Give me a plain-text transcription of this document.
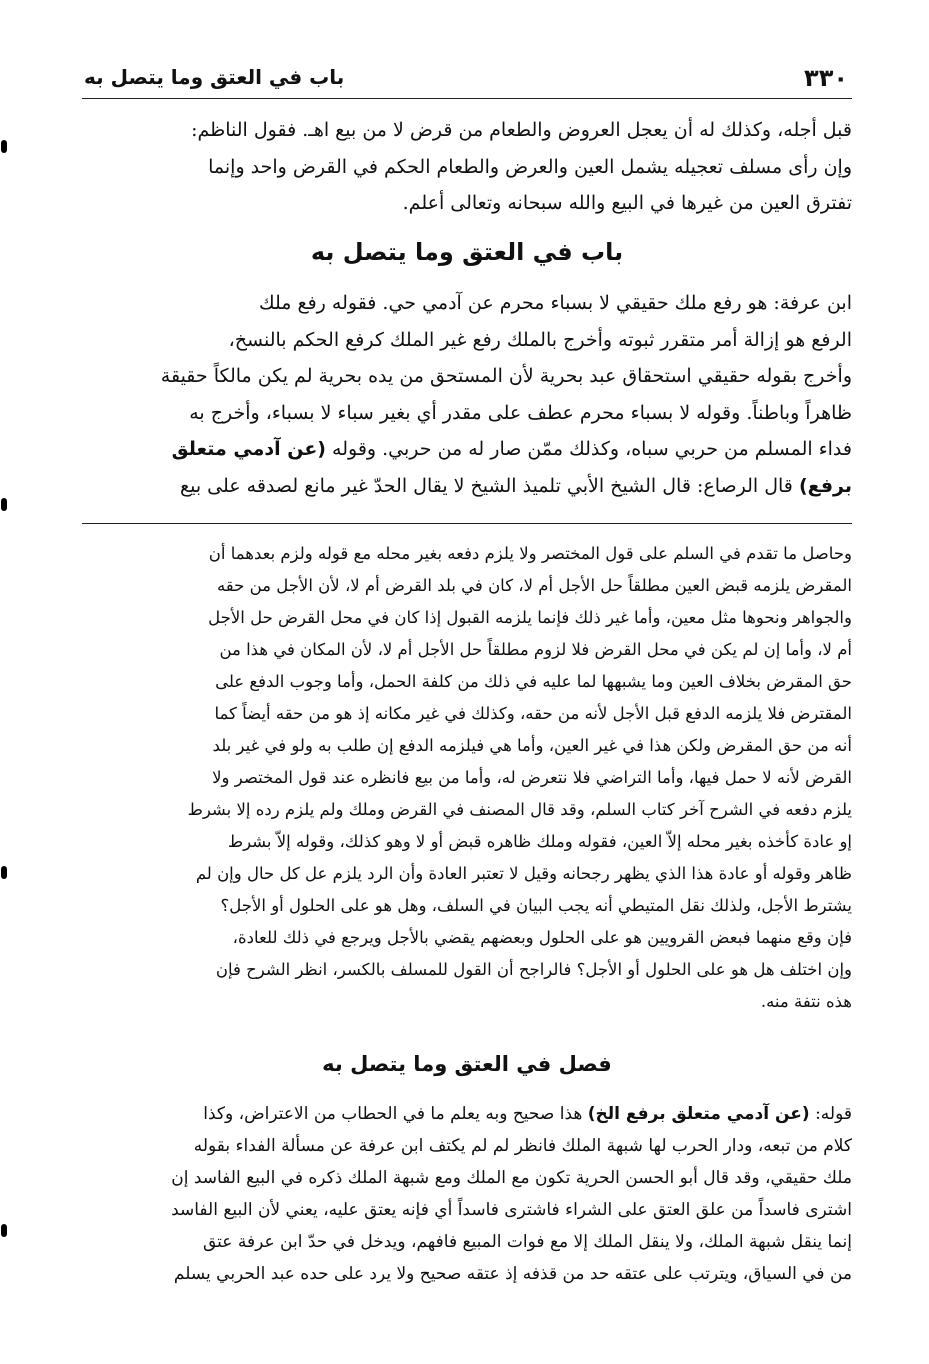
٣٣٠
باب في العتق وما يتصل به
قبل أجله، وكذلك له أن يعجل العروض والطعام من قرض لا من بيع اهـ. فقول الناظم:
وإن رأى مسلف تعجيله يشمل العين والعرض والطعام الحكم في القرض واحد وإنما
تفترق العين من غيرها في البيع والله سبحانه وتعالى أعلم.
باب في العتق وما يتصل به
ابن عرفة: هو رفع ملك حقيقي لا بسباء محرم عن آدمي حي. فقوله رفع ملك
الرفع هو إزالة أمر متقرر ثبوته وأخرج بالملك رفع غير الملك كرفع الحكم بالنسخ،
وأخرج بقوله حقيقي استحقاق عبد بحرية لأن المستحق من يده بحرية لم يكن مالكاً حقيقة
ظاهراً وباطناً. وقوله لا بسباء محرم عطف على مقدر أي بغير سباء لا بسباء، وأخرج به
فداء المسلم من حربي سباه، وكذلك ممّن صار له من حربي. وقوله (عن آدمي متعلق
برفع) قال الرصاع: قال الشيخ الأبي تلميذ الشيخ لا يقال الحدّ غير مانع لصدقه على بيع
وحاصل ما تقدم في السلم على قول المختصر ولا يلزم دفعه بغير محله مع قوله ولزم بعدهما أن
المقرض يلزمه قبض العين مطلقاً حل الأجل أم لا، كان في بلد القرض أم لا، لأن الأجل من حقه
والجواهر ونحوها مثل معين، وأما غير ذلك فإنما يلزمه القبول إذا كان في محل القرض حل الأجل
أم لا، وأما إن لم يكن في محل القرض فلا لزوم مطلقاً حل الأجل أم لا، لأن المكان في هذا من
حق المقرض بخلاف العين وما يشبهها لما عليه في ذلك من كلفة الحمل، وأما وجوب الدفع على
المقترض فلا يلزمه الدفع قبل الأجل لأنه من حقه، وكذلك في غير مكانه إذ هو من حقه أيضاً كما
أنه من حق المقرض ولكن هذا في غير العين، وأما هي فيلزمه الدفع إن طلب به ولو في غير بلد
القرض لأنه لا حمل فيها، وأما التراضي فلا نتعرض له، وأما من بيع فانظره عند قول المختصر ولا
يلزم دفعه في الشرح آخر كتاب السلم، وقد قال المصنف في القرض وملك ولم يلزم رده إلا بشرط
إو عادة كأخذه بغير محله إلاّ العين، فقوله وملك ظاهره قبض أو لا وهو كذلك، وقوله إلاّ بشرط
ظاهر وقوله أو عادة هذا الذي يظهر رجحانه وقيل لا تعتبر العادة وأن الرد يلزم عل كل حال وإن لم
يشترط الأجل، ولذلك نقل المتيطي أنه يجب البيان في السلف، وهل هو على الحلول أو الأجل؟
فإن وقع منهما فبعض القرويين هو على الحلول وبعضهم يقضي بالأجل ويرجع في ذلك للعادة،
وإن اختلف هل هو على الحلول أو الأجل؟ فالراجح أن القول للمسلف بالكسر، انظر الشرح فإن
هذه نتفة منه.
فصل في العتق وما يتصل به
قوله: (عن آدمي متعلق برفع الخ) هذا صحيح وبه يعلم ما في الحطاب من الاعتراض، وكذا
كلام من تبعه، ودار الحرب لها شبهة الملك فانظر لم لم يكتف ابن عرفة عن مسألة الفداء بقوله
ملك حقيقي، وقد قال أبو الحسن الحرية تكون مع الملك ومع شبهة الملك ذكره في البيع الفاسد إن
اشترى فاسداً من علق العتق على الشراء فاشترى فاسداً أي فإنه يعتق عليه، يعني لأن البيع الفاسد
إنما ينقل شبهة الملك، ولا ينقل الملك إلا مع فوات المبيع فافهم، ويدخل في حدّ ابن عرفة عتق
من في السياق، ويترتب على عتقه حد من قذفه إذ عتقه صحيح ولا يرد على حده عبد الحربي يسلم
